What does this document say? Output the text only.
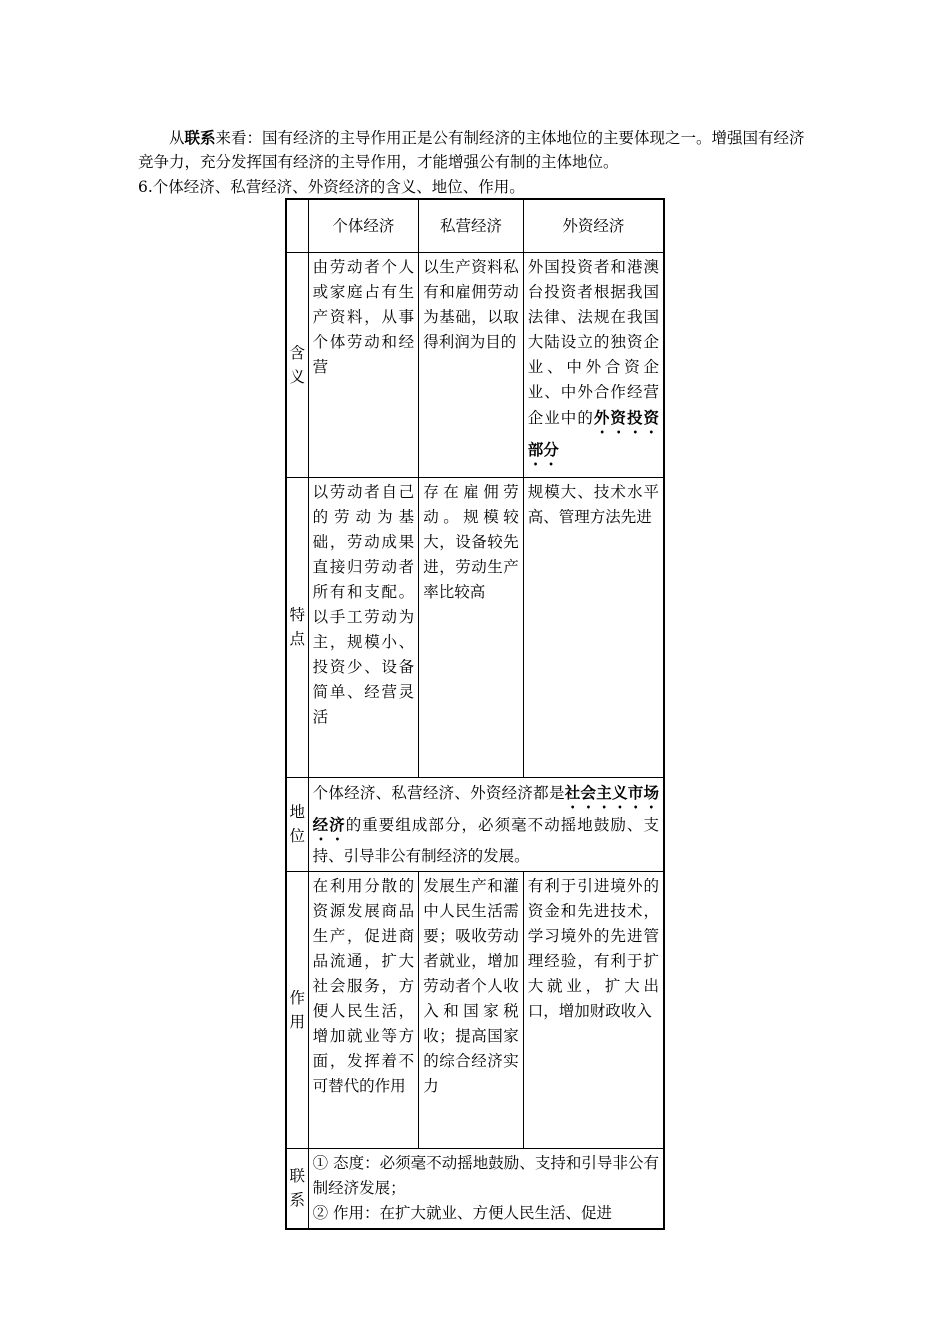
从联系来看：国有经济的主导作用正是公有制经济的主体地位的主要体现之一。增强国有经济竞争力，充分发挥国有经济的主导作用，才能增强公有制的主体地位。

6.个体经济、私营经济、外资经济的含义、地位、作用。

	个体经济	私营经济	外资经济
含义	由劳动者个人或家庭占有生产资料，从事个体劳动和经营	以生产资料私有和雇佣劳动为基础，以取得利润为目的	外国投资者和港澳台投资者根据我国法律、法规在我国大陆设立的独资企业、中外合资企业、中外合作经营企业中的外资投资部分
特点	以劳动者自己的劳动为基础，劳动成果直接归劳动者所有和支配。以手工劳动为主，规模小、投资少、设备简单、经营灵活	存在雇佣劳动。规模较大，设备较先进，劳动生产率比较高	规模大、技术水平高、管理方法先进
地位	个体经济、私营经济、外资经济都是社会主义市场经济的重要组成部分，必须毫不动摇地鼓励、支持、引导非公有制经济的发展。		
作用	在利用分散的资源发展商品生产，促进商品流通，扩大社会服务，方便人民生活，增加就业等方面，发挥着不可替代的作用	发展生产和灌中人民生活需要；吸收劳动者就业，增加劳动者个人收入和国家税收；提高国家的综合经济实力	有利于引进境外的资金和先进技术，学习境外的先进管理经验，有利于扩大就业，扩大出口，增加财政收入
联系	① 态度：必须毫不动摇地鼓励、支持和引导非公有制经济发展；
② 作用：在扩大就业、方便人民生活、促进		
